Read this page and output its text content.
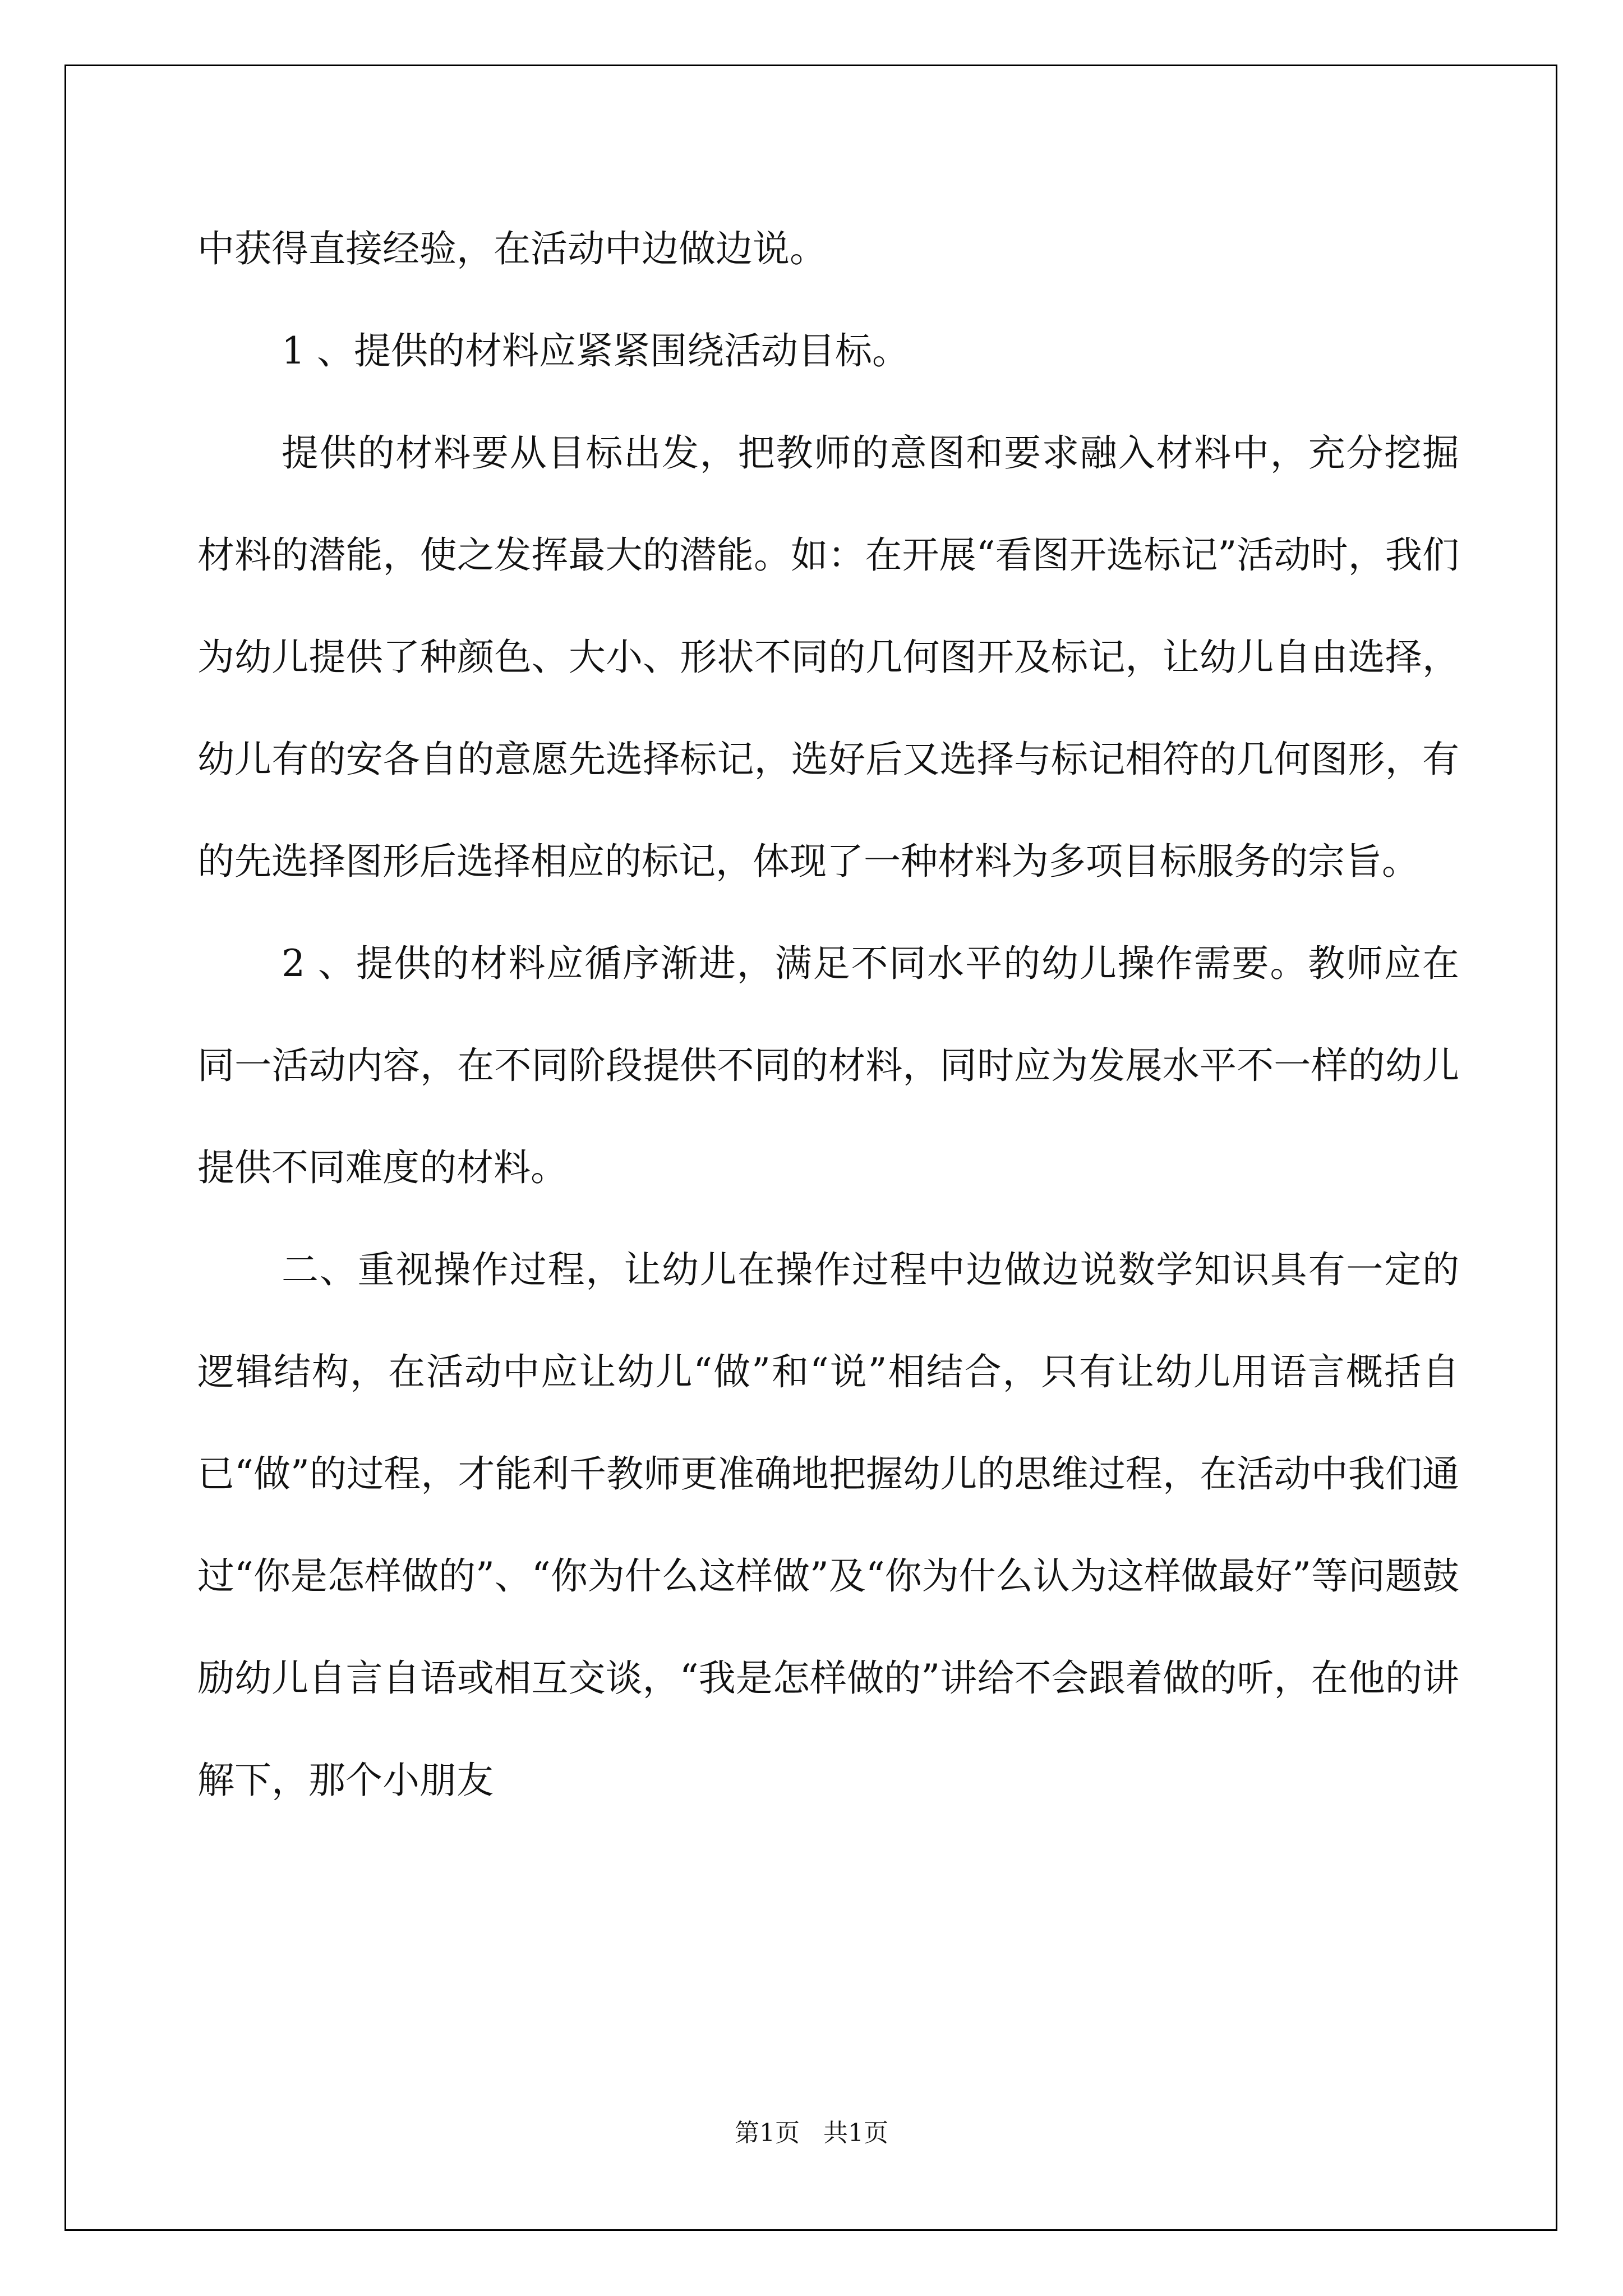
中获得直接经验，在活动中边做边说。

1 、提供的材料应紧紧围绕活动目标。

提供的材料要从目标出发，把教师的意图和要求融入材料中，充分挖掘材料的潜能，使之发挥最大的潜能。如：在开展“看图开选标记”活动时，我们为幼儿提供了种颜色、大小、形状不同的几何图开及标记，让幼儿自由选择，幼儿有的安各自的意愿先选择标记，选好后又选择与标记相符的几何图形，有的先选择图形后选择相应的标记，体现了一种材料为多项目标服务的宗旨。

2 、提供的材料应循序渐进，满足不同水平的幼儿操作需要。教师应在同一活动内容，在不同阶段提供不同的材料，同时应为发展水平不一样的幼儿提供不同难度的材料。

二、重视操作过程，让幼儿在操作过程中边做边说数学知识具有一定的逻辑结构，在活动中应让幼儿“做”和“说”相结合，只有让幼儿用语言概括自已“做”的过程，才能利千教师更准确地把握幼儿的思维过程，在活动中我们通过“你是怎样做的”、“你为什么这样做”及“你为什么认为这样做最好”等问题鼓励幼儿自言自语或相互交谈，“我是怎样做的”讲给不会跟着做的听，在他的讲解下，那个小朋友

第1页 共1页
